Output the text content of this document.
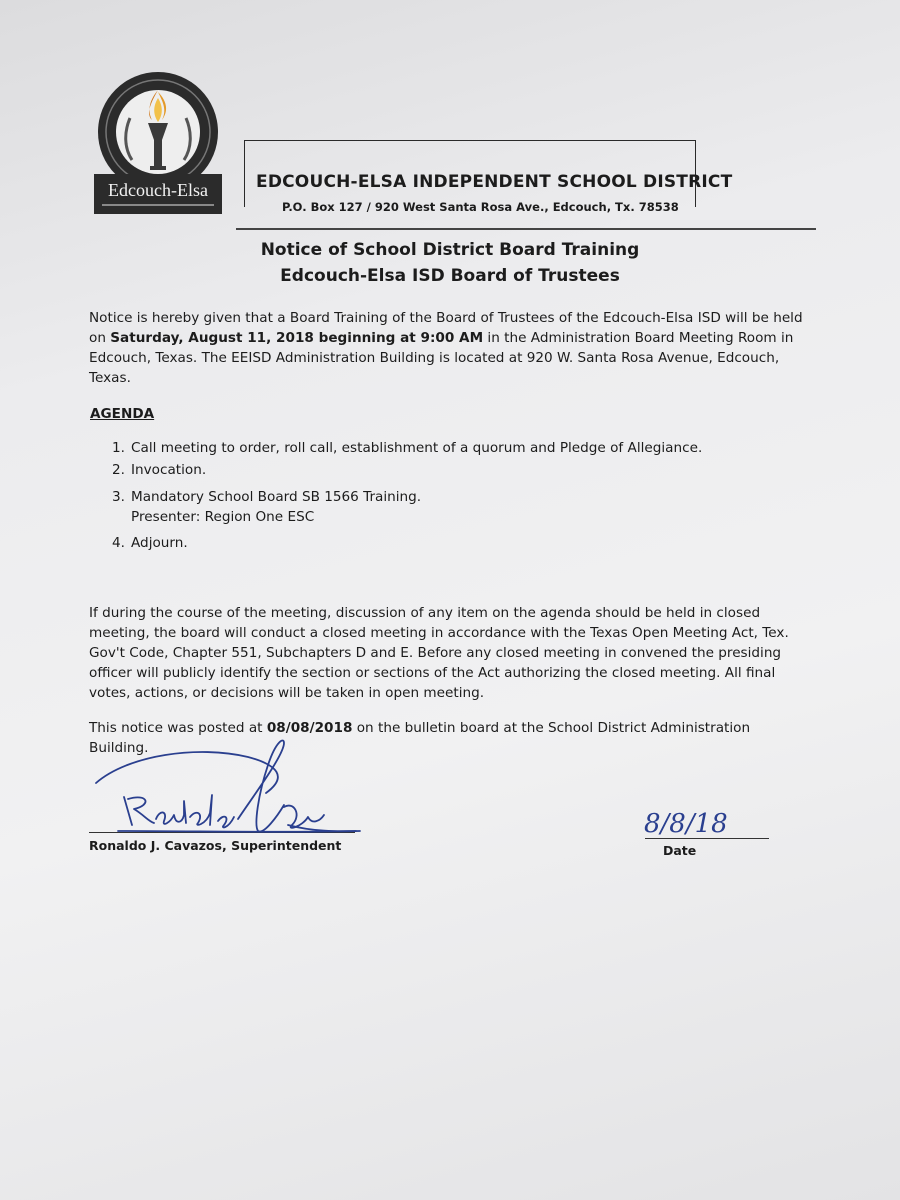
Edcouch-Elsa	EDCOUCH-ELSA INDEPENDENT SCHOOL DISTRICT
P.O. Box 127 / 920 West Santa Rosa Ave., Edcouch, Tx. 78538
Notice of School District Board Training
Edcouch-Elsa ISD Board of Trustees
Notice is hereby given that a Board Training of the Board of Trustees of the Edcouch-Elsa ISD will be held
on Saturday, August 11, 2018 beginning at 9:00 AM in the Administration Board Meeting Room in
Edcouch, Texas. The EEISD Administration Building is located at 920 W. Santa Rosa Avenue, Edcouch,
Texas.
AGENDA
1. Call meeting to order, roll call, establishment of a quorum and Pledge of Allegiance.
2. Invocation.
3. Mandatory School Board SB 1566 Training.
Presenter: Region One ESC
4. Adjourn.
If during the course of the meeting, discussion of any item on the agenda should be held in closed
meeting, the board will conduct a closed meeting in accordance with the Texas Open Meeting Act, Tex.
Gov't Code, Chapter 551, Subchapters D and E. Before any closed meeting in convened the presiding
officer will publicly identify the section or sections of the Act authorizing the closed meeting. All final
votes, actions, or decisions will be taken in open meeting.
This notice was posted at 08/08/2018 on the bulletin board at the School District Administration
Building.
Ronaldo J. Cavazos, Superintendent
8/8/18
Date
